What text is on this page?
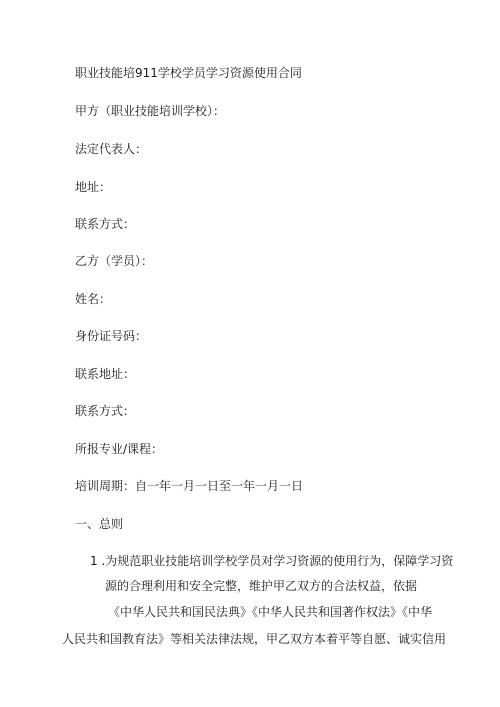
职业技能培911学校学员学习资源使用合同
甲方（职业技能培训学校）：
法定代表人：
地址：
联系方式：
乙方（学员）：
姓名：
身份证号码：
联系地址：
联系方式：
所报专业/课程：
培训周期：自一年一月一日至一年一月一日
一、总则
1 .为规范职业技能培训学校学员对学习资源的使用行为，保障学习资
源的合理利用和安全完整，维护甲乙双方的合法权益，依据
《中华人民共和国民法典》《中华人民共和国著作权法》《中华
人民共和国教育法》等相关法律法规，甲乙双方本着平等自愿、诚实信用
